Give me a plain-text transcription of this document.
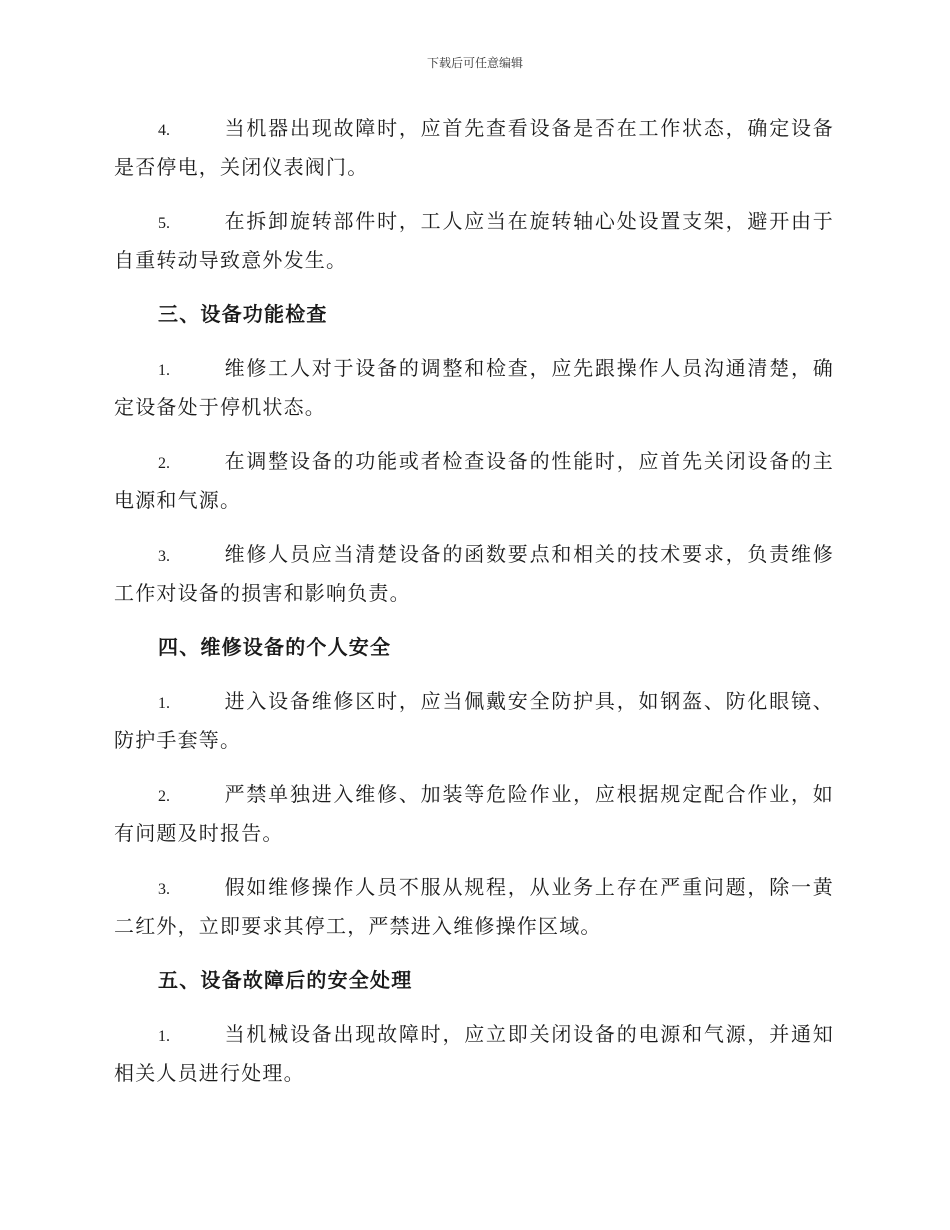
下载后可任意编辑

4.	当机器出现故障时，应首先查看设备是否在工作状态，确定设备是否停电，关闭仪表阀门。

5.	在拆卸旋转部件时，工人应当在旋转轴心处设置支架，避开由于自重转动导致意外发生。

三、设备功能检查

1.	维修工人对于设备的调整和检查，应先跟操作人员沟通清楚，确定设备处于停机状态。

2.	在调整设备的功能或者检查设备的性能时，应首先关闭设备的主电源和气源。

3.	维修人员应当清楚设备的函数要点和相关的技术要求，负责维修工作对设备的损害和影响负责。

四、维修设备的个人安全

1.	进入设备维修区时，应当佩戴安全防护具，如钢盔、防化眼镜、防护手套等。

2.	严禁单独进入维修、加装等危险作业，应根据规定配合作业，如有问题及时报告。

3.	假如维修操作人员不服从规程，从业务上存在严重问题，除一黄二红外，立即要求其停工，严禁进入维修操作区域。

五、设备故障后的安全处理

1.	当机械设备出现故障时，应立即关闭设备的电源和气源，并通知相关人员进行处理。
